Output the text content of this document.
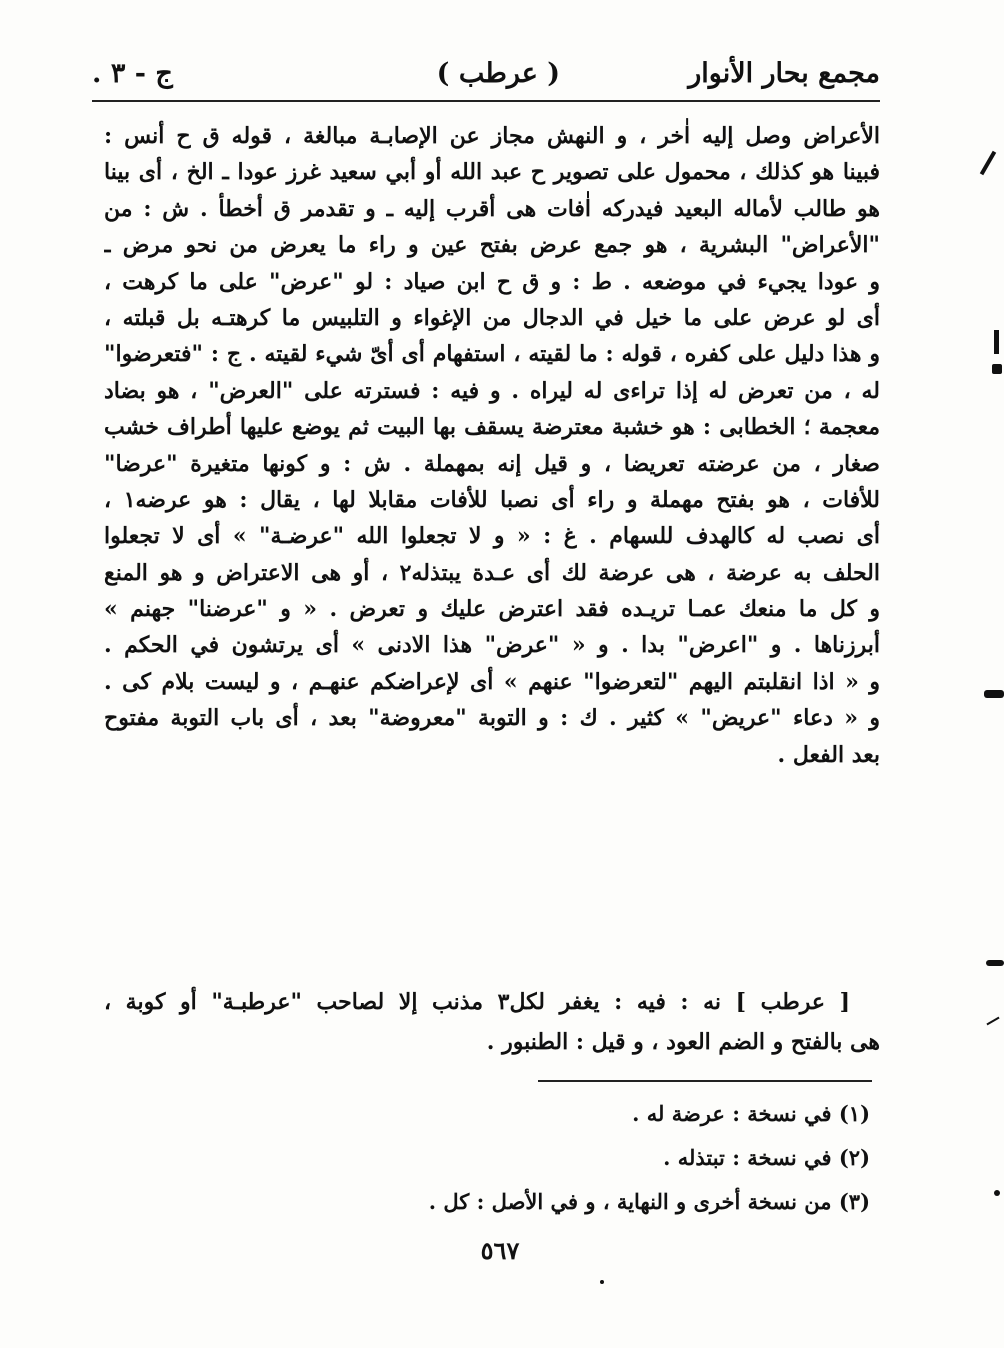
مجمع بحار الأنوار
( عرطب )
ج - ٣ .
الأعراض وصل إليه اٰخر ، و النهش مجاز عن الإصابـة مبالغة ، قوله ق ح أنس :
فبينا هو كذلك ، محمول على تصوير ح عبد الله أو أبي سعيد غرز عودا ـ الخ ، أى بينا
هو طالب لأماله البعيد فيدركه اٰفات هى أقرب إليه ـ و تقدمر ق أخطأ . ش : من
"الأعراض" البشرية ، هو جمع عرض بفتح عين و راء ما يعرض من نحو مرض ـ
و عودا يجيء في موضعه . ط : و ق ح ابن صياد : لو "عرض" على ما كرهت ،
أى لو عرض على ما خيل في الدجال من الإغواء و التلبيس ما كرهتـه بل قبلته ،
و هذا دليل على كفره ، قوله : ما لقيته ، استفهام أى أىّ شيء لقيته . ج : "فتعرضوا"
له ، من تعرض له إذا تراءى له ليراه . و فيه : فسترته على "العرض" ، هو بضاد
معجمة ؛ الخطابى : هو خشبة معترضة يسقف بها البيت ثم يوضع عليها أطراف خشب
صغار ، من عرضته تعريضا ، و قيل إنه بمهملة . ش : و كونها متغيرة "عرضا"
للأفات ، هو بفتح مهملة و راء أى نصبا للأفات مقابلا لها ، يقال : هو عرضه١ ،
أى نصب له كالهدف للسهام . غ : « و لا تجعلوا الله "عرضـة" » أى لا تجعلوا
الحلف به عرضة ، هى عرضة لك أى عـدة يبتذله٢ ، أو هى الاعتراض و هو المنع
و كل ما منعك عمـا تريـده فقد اعترض عليك و تعرض . « و "عرضنا" جهنم »
أبرزناها . و "اعرض" بدا . و « "عرض" هذا الادنى » أى يرتشون في الحكم .
و « اذا انقلبتم اليهم "لتعرضوا" عنهم » أى لإعراضكم عنهـم ، و ليست بلام كى .
و « دعاء "عريض" » كثير . ك : و التوبة "معروضة" بعد ، أى باب التوبة مفتوح
بعد الفعل .
[ عرطب ] نه : فيه : يغفر لكل٣ مذنب إلا لصاحب "عرطبـة" أو كوبة ،
هى بالفتح و الضم العود ، و قيل : الطنبور .
(١) في نسخة : عرضة له .
(٢) في نسخة : تبتذله .
(٣) من نسخة أخرى و النهاية ، و في الأصل : كل .
٥٦٧
